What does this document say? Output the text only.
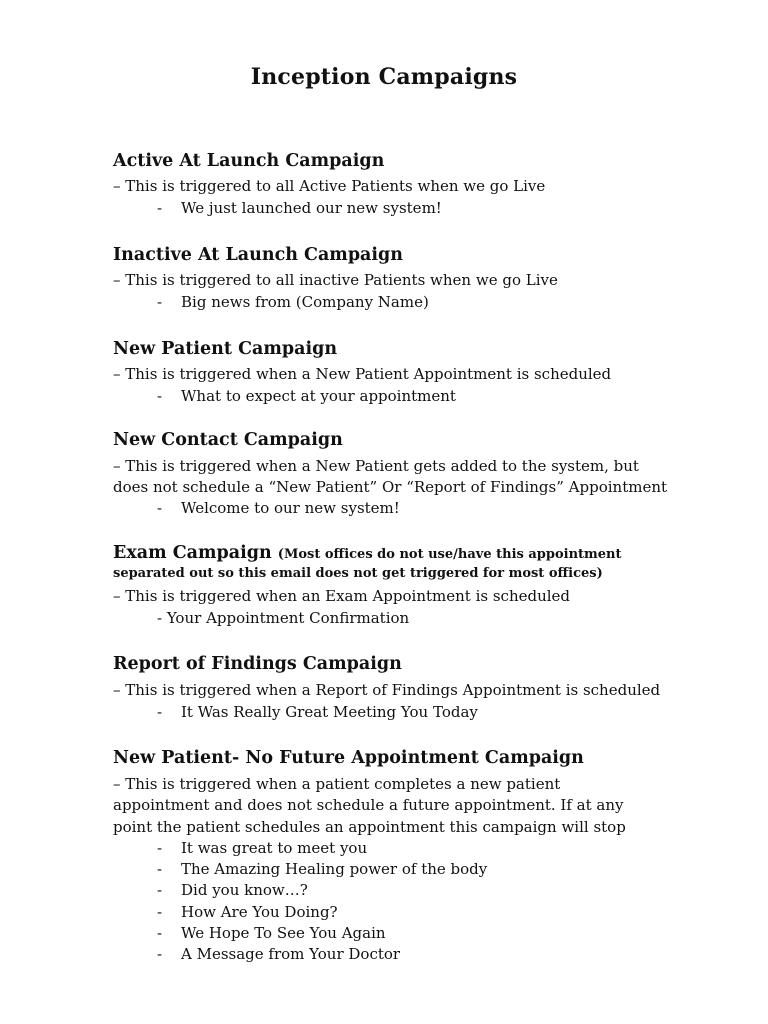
Inception Campaigns
Active At Launch Campaign
– This is triggered to all Active Patients when we go Live
- We just launched our new system!
Inactive At Launch Campaign
– This is triggered to all inactive Patients when we go Live
- Big news from (Company Name)
New Patient Campaign
– This is triggered when a New Patient Appointment is scheduled
- What to expect at your appointment
New Contact Campaign
– This is triggered when a New Patient gets added to the system, but
does not schedule a “New Patient” Or “Report of Findings” Appointment
- Welcome to our new system!
Exam Campaign (Most offices do not use/have this appointment
separated out so this email does not get triggered for most offices)
– This is triggered when an Exam Appointment is scheduled
- Your Appointment Confirmation
Report of Findings Campaign
– This is triggered when a Report of Findings Appointment is scheduled
- It Was Really Great Meeting You Today
New Patient- No Future Appointment Campaign
– This is triggered when a patient completes a new patient
appointment and does not schedule a future appointment. If at any
point the patient schedules an appointment this campaign will stop
- It was great to meet you
- The Amazing Healing power of the body
- Did you know…?
- How Are You Doing?
- We Hope To See You Again
- A Message from Your Doctor
